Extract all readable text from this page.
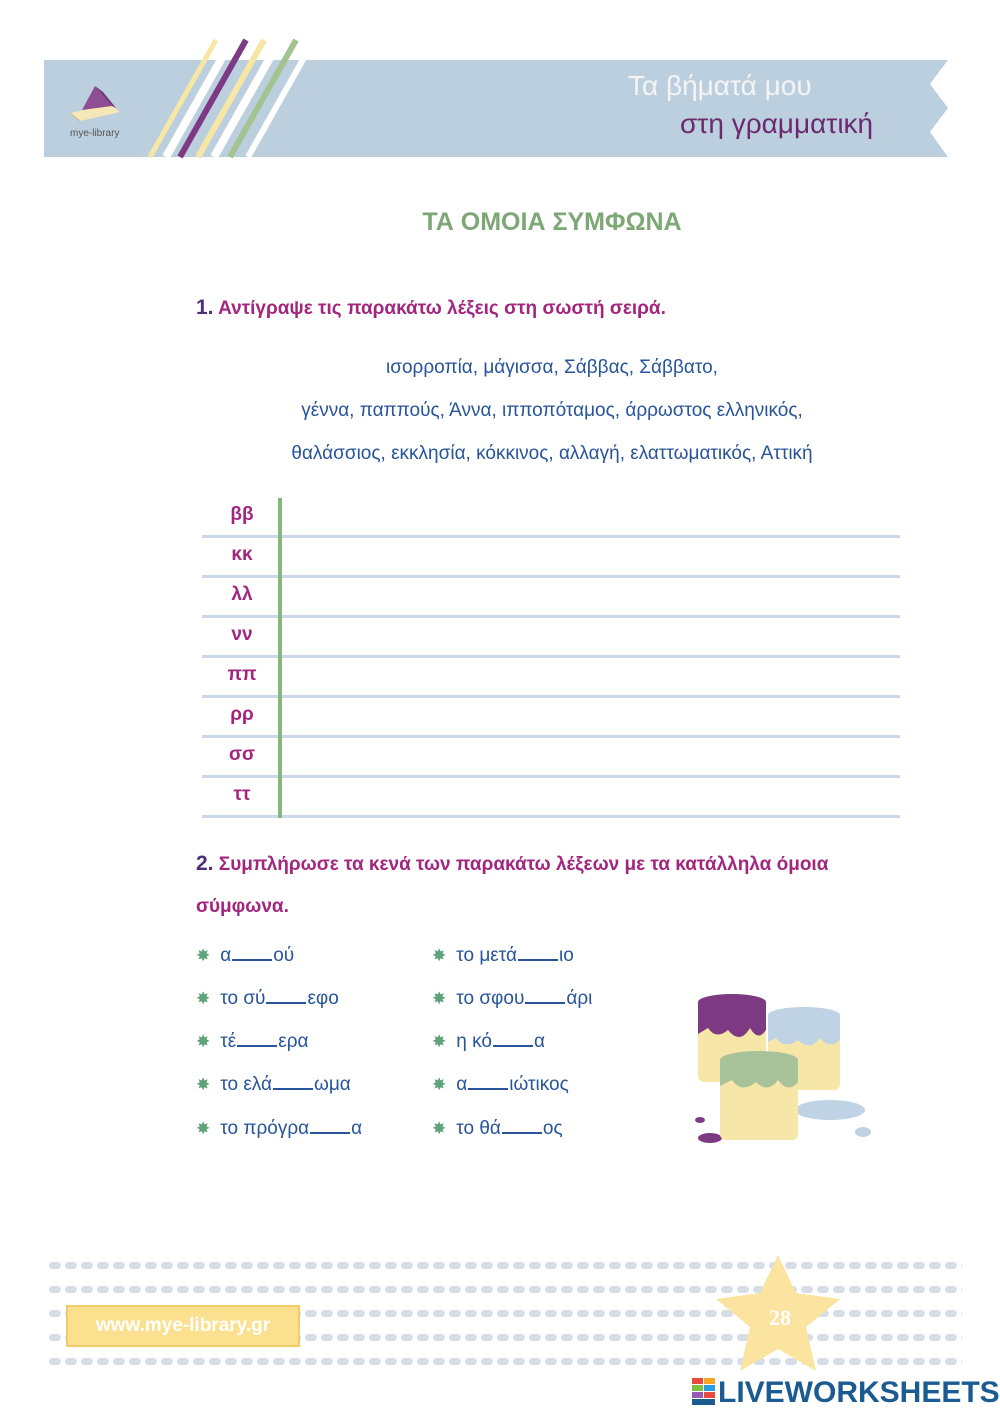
mye-library
Τα βήματά μου
στη γραμματική
ΤΑ ΟΜΟΙΑ ΣΥΜΦΩΝΑ
1. Αντίγραψε τις παρακάτω λέξεις στη σωστή σειρά.
ισορροπία, μάγισσα, Σάββας, Σάββατο,
γέννα, παππούς, Άννα, ιπποπόταμος, άρρωστος ελληνικός,
θαλάσσιος, εκκλησία, κόκκινος, αλλαγή, ελαττωματικός, Αττική
ββ
κκ
λλ
νν
ππ
ρρ
σσ
ττ
2. Συμπλήρωσε τα κενά των παρακάτω λέξεων με τα κατάλληλα όμοια σύμφωνα.
✸ α ού
✸ το σύ εφο
✸ τέ ερα
✸ το ελά ωμα
✸ το πρόγρα α
✸ το μετά ιο
✸ το σφου άρι
✸ η κό α
✸ α ιώτικος
✸ το θά ος
www.mye-library.gr	28
LIVEWORKSHEETS
